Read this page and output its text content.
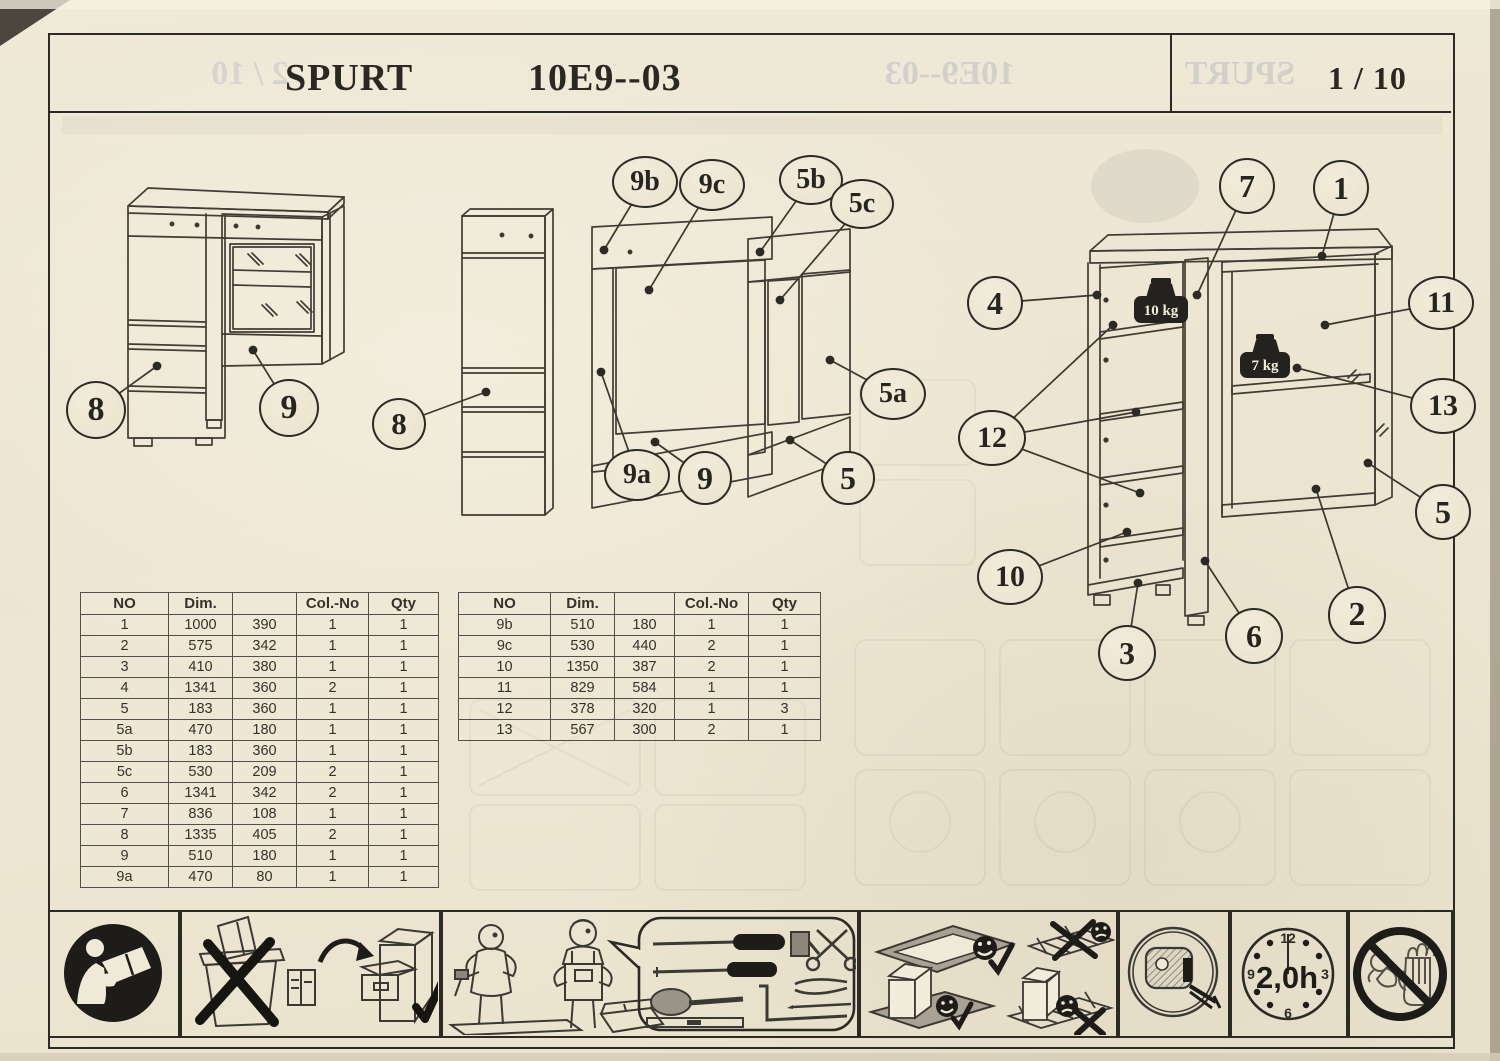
SPURT	10E9--03	1 / 10
2 / 10	10E9--03	SPURT
10 kg
7 kg
8	9	8
9b 9c
9a 9
5b
5c
5a
5
4
7 1
11
13
12
10
3	6
2
5
NO	Dim.		Col.-No	Qty
1	1000	390	1	1
2	575	342	1	1
3	410	380	1	1
4	1341	360	2	1
5	183	360	1	1
5a	470	180	1	1
5b	183	360	1	1
5c	530	209	2	1
6	1341	342	2	1
7	836	108	1	1
8	1335	405	2	1
9	510	180	1	1
9a	470	80	1	1
NO	Dim.		Col.-No	Qty
9b	510	180	1	1
9c	530	440	2	1
10	1350	387	2	1
11	829	584	1	1
12	378	320	1	3
13	567	300	2	1
12
3
6
9 2,0h
